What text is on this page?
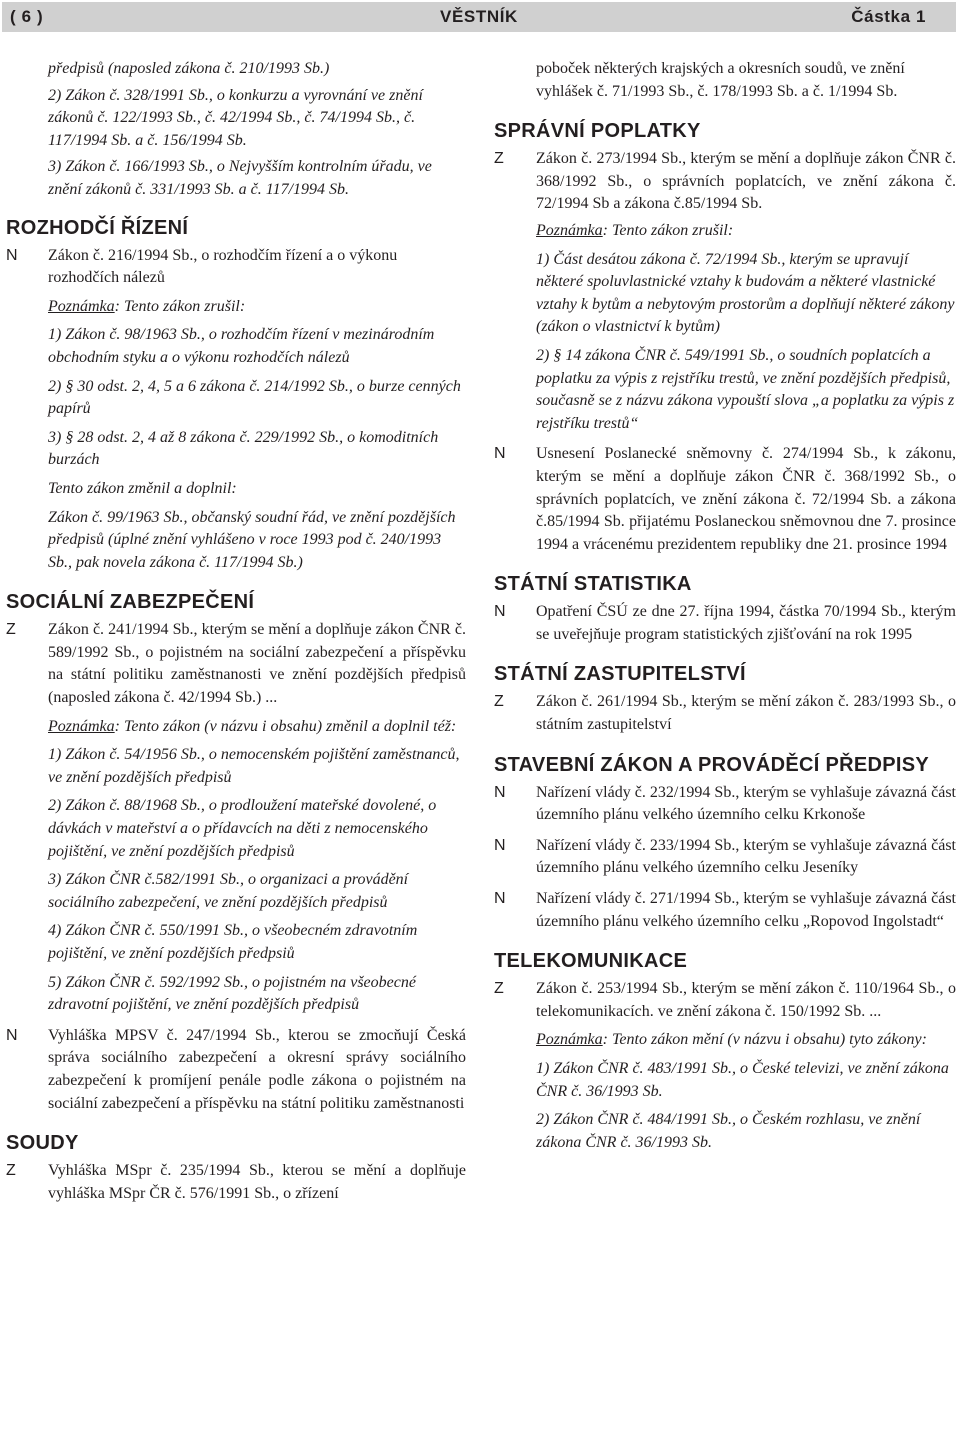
( 6 )	VĚSTNÍK	Částka 1
předpisů (naposled zákona č. 210/1993 Sb.)
2) Zákon č. 328/1991 Sb., o konkurzu a vyrovnání ve znění zákonů č. 122/1993 Sb., č. 42/1994 Sb., č. 74/1994 Sb., č. 117/1994 Sb. a č. 156/1994 Sb.
3) Zákon č. 166/1993 Sb., o Nejvyšším kontrolním úřadu, ve znění zákonů č. 331/1993 Sb. a č. 117/1994 Sb.
ROZHODČÍ ŘÍZENÍ
N Zákon č. 216/1994 Sb., o rozhodčím řízení a o výkonu rozhodčích nálezů
Poznámka: Tento zákon zrušil:
1) Zákon č. 98/1963 Sb., o rozhodčím řízení v mezinárodním obchodním styku a o výkonu rozhodčích nálezů
2) § 30 odst. 2, 4, 5 a 6 zákona č. 214/1992 Sb., o burze cenných papírů
3) § 28 odst. 2, 4 až 8 zákona č. 229/1992 Sb., o komoditních burzách
Tento zákon změnil a doplnil:
Zákon č. 99/1963 Sb., občanský soudní řád, ve znění pozdějších předpisů (úplné znění vyhlášeno v roce 1993 pod č. 240/1993 Sb., pak novela zákona č. 117/1994 Sb.)
SOCIÁLNÍ ZABEZPEČENÍ
Z Zákon č. 241/1994 Sb., kterým se mění a doplňuje zákon ČNR č. 589/1992 Sb., o pojistném na sociální zabezpečení a příspěvku na státní politiku zaměstnanosti ve znění pozdějších předpisů (naposled zákona č. 42/1994 Sb.) ...
Poznámka: Tento zákon (v názvu i obsahu) změnil a doplnil též:
1) Zákon č. 54/1956 Sb., o nemocenském pojištění zaměstnanců, ve znění pozdějších předpisů
2) Zákon č. 88/1968 Sb., o prodloužení mateřské dovolené, o dávkách v mateřství a o přídavcích na děti z nemocenského pojištění, ve znění pozdějších předpisů
3) Zákon ČNR č.582/1991 Sb., o organizaci a provádění sociálního zabezpečení, ve znění pozdějších předpisů
4) Zákon ČNR č. 550/1991 Sb., o všeobecném zdravotním pojištění, ve znění pozdějších předpsiů
5) Zákon ČNR č. 592/1992 Sb., o pojistném na všeobecné zdravotní pojištění, ve znění pozdějších předpisů
N Vyhláška MPSV č. 247/1994 Sb., kterou se zmocňují Česká správa sociálního zabezpečení a okresní správy sociálního zabezpečení k promíjení penále podle zákona o pojistném na sociální zabezpečení a příspěvku na státní politiku zaměstnanosti
SOUDY
Z Vyhláška MSpr č. 235/1994 Sb., kterou se mění a doplňuje vyhláška MSpr ČR č. 576/1991 Sb., o zřízení
poboček některých krajských a okresních soudů, ve znění vyhlášek č. 71/1993 Sb., č. 178/1993 Sb. a č. 1/1994 Sb.
SPRÁVNÍ POPLATKY
Z Zákon č. 273/1994 Sb., kterým se mění a doplňuje zákon ČNR č. 368/1992 Sb., o správních poplatcích, ve znění zákona č. 72/1994 Sb a zákona č.85/1994 Sb.
Poznámka: Tento zákon zrušil:
1) Část desátou zákona č. 72/1994 Sb., kterým se upravují některé spoluvlastnické vztahy k budovám a některé vlastnické vztahy k bytům a nebytovým prostorům a doplňují některé zákony (zákon o vlastnictví k bytům)
2) § 14 zákona ČNR č. 549/1991 Sb., o soudních poplatcích a poplatku za výpis z rejstříku trestů, ve znění pozdějších předpisů, současně se z názvu zákona vypouští slova „a poplatku za výpis z rejstříku trestů“
N Usnesení Poslanecké sněmovny č. 274/1994 Sb., k zákonu, kterým se mění a doplňuje zákon ČNR č. 368/1992 Sb., o správních poplatcích, ve znění zákona č. 72/1994 Sb. a zákona č.85/1994 Sb. přijatému Poslaneckou sněmovnou dne 7. prosince 1994 a vrácenému prezidentem republiky dne 21. prosince 1994
STÁTNÍ STATISTIKA
N Opatření ČSÚ ze dne 27. října 1994, částka 70/1994 Sb., kterým se uveřejňuje program statistických zjišťování na rok 1995
STÁTNÍ ZASTUPITELSTVÍ
Z Zákon č. 261/1994 Sb., kterým se mění zákon č. 283/1993 Sb., o státním zastupitelství
STAVEBNÍ ZÁKON A PROVÁDĚCÍ PŘEDPISY
N Nařízení vlády č. 232/1994 Sb., kterým se vyhlašuje závazná část územního plánu velkého územního celku Krkonoše
N Nařízení vlády č. 233/1994 Sb., kterým se vyhlašuje závazná část územního plánu velkého územního celku Jeseníky
N Nařízení vlády č. 271/1994 Sb., kterým se vyhlašuje závazná část územního plánu velkého územního celku „Ropovod Ingolstadt“
TELEKOMUNIKACE
Z Zákon č. 253/1994 Sb., kterým se mění zákon č. 110/1964 Sb., o telekomunikacích. ve znění zákona č. 150/1992 Sb. ...
Poznámka: Tento zákon mění (v názvu i obsahu) tyto zákony:
1) Zákon ČNR č. 483/1991 Sb., o České televizi, ve znění zákona ČNR č. 36/1993 Sb.
2) Zákon ČNR č. 484/1991 Sb., o Českém rozhlasu, ve znění zákona ČNR č. 36/1993 Sb.
